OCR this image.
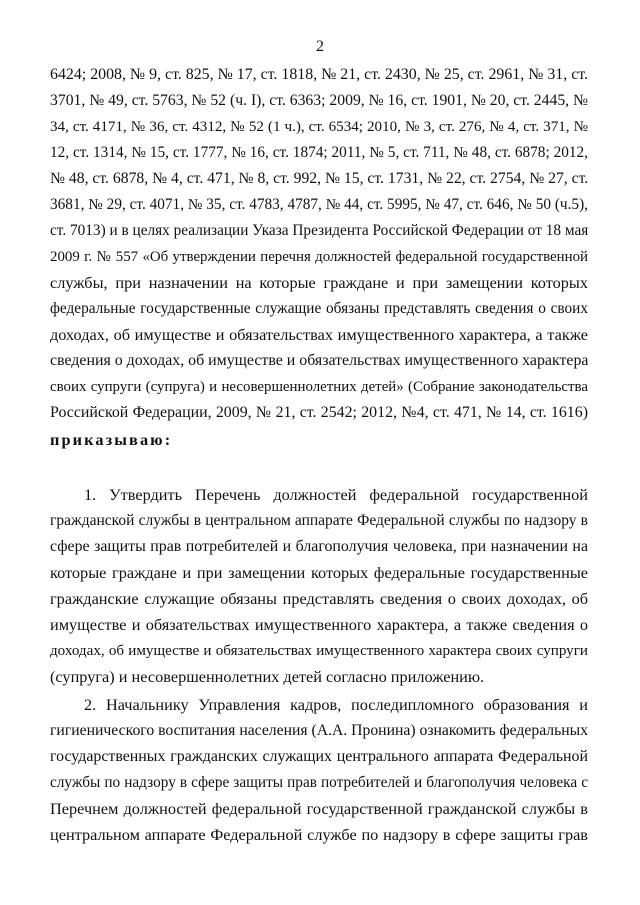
2
6424; 2008, № 9, ст. 825, № 17, ст. 1818, № 21, ст. 2430, № 25, ст. 2961, № 31, ст.
3701, № 49, ст. 5763, № 52 (ч. I), ст. 6363; 2009, № 16, ст. 1901, № 20, ст. 2445, №
34, ст. 4171, № 36, ст. 4312, № 52 (1 ч.), ст. 6534; 2010, № 3, ст. 276, № 4, ст. 371, №
12, ст. 1314, № 15, ст. 1777, № 16, ст. 1874; 2011, № 5, ст. 711, № 48, ст. 6878; 2012,
№ 48, ст. 6878, № 4, ст. 471, № 8, ст. 992, № 15, ст. 1731, № 22, ст. 2754, № 27, ст.
3681, № 29, ст. 4071, № 35, ст. 4783, 4787, № 44, ст. 5995, № 47, ст. 646, № 50 (ч.5),
ст. 7013) и в целях реализации Указа Президента Российской Федерации от 18 мая
2009 г. № 557 «Об утверждении перечня должностей федеральной государственной
службы, при назначении на которые граждане и при замещении которых
федеральные государственные служащие обязаны представлять сведения о своих
доходах, об имуществе и обязательствах имущественного характера, а также
сведения о доходах, об имуществе и обязательствах имущественного характера
своих супруги (супруга) и несовершеннолетних детей» (Собрание законодательства
Российской Федерации, 2009, № 21, ст. 2542; 2012, №4, ст. 471, № 14, ст. 1616)
приказываю:
1. Утвердить Перечень должностей федеральной государственной
гражданской службы в центральном аппарате Федеральной службы по надзору в
сфере защиты прав потребителей и благополучия человека, при назначении на
которые граждане и при замещении которых федеральные государственные
гражданские служащие обязаны представлять сведения о своих доходах, об
имуществе и обязательствах имущественного характера, а также сведения о
доходах, об имуществе и обязательствах имущественного характера своих супруги
(супруга) и несовершеннолетних детей согласно приложению.
2. Начальнику Управления кадров, последипломного образования и
гигиенического воспитания населения (А.А. Пронина) ознакомить федеральных
государственных гражданских служащих центрального аппарата Федеральной
службы по надзору в сфере защиты прав потребителей и благополучия человека с
Перечнем должностей федеральной государственной гражданской службы в
центральном аппарате Федеральной службе по надзору в сфере защиты грав
